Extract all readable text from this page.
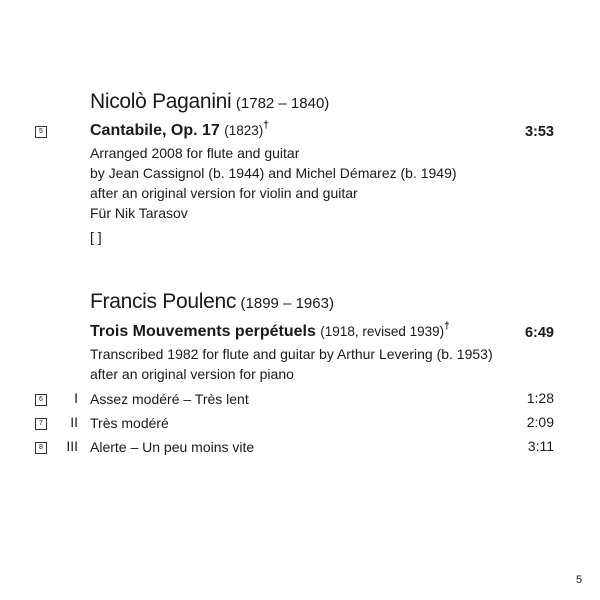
Nicolò Paganini (1782 – 1840)
5	Cantabile, Op. 17 (1823)†	3:53
Arranged 2008 for flute and guitar
by Jean Cassignol (b. 1944) and Michel Démarez (b. 1949)
after an original version for violin and guitar
Für Nik Tarasov
[ ]
Francis Poulenc (1899 – 1963)
Trois Mouvements perpétuels (1918, revised 1939)†	6:49
Transcribed 1982 for flute and guitar by Arthur Levering (b. 1953)
after an original version for piano
6	I Assez modéré – Très lent	1:28
7	II Très modéré	2:09
8	III Alerte – Un peu moins vite	3:11
5
